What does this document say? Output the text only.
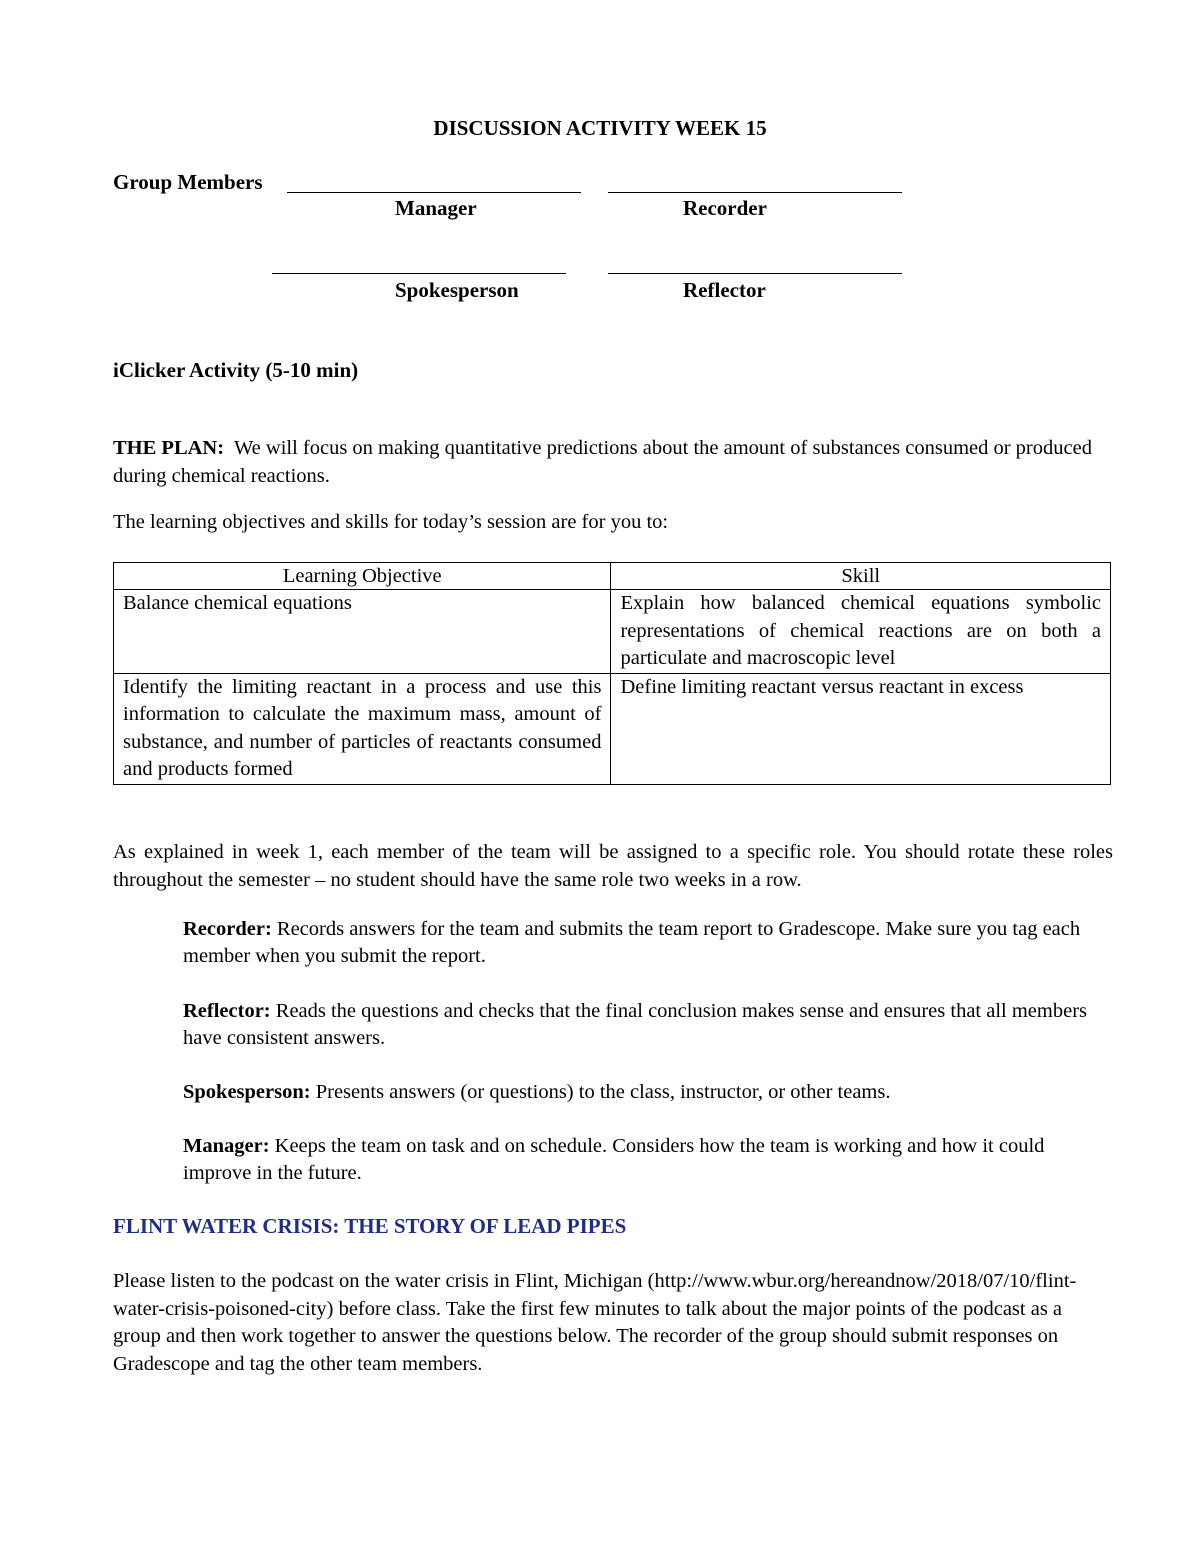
DISCUSSION ACTIVITY WEEK 15
Group Members
Manager	Recorder
Spokesperson	Reflector
iClicker Activity (5-10 min)
THE PLAN: We will focus on making quantitative predictions about the amount of substances consumed or produced during chemical reactions.
The learning objectives and skills for today’s session are for you to:
Learning Objective	Skill
Balance chemical equations	Explain how balanced chemical equations symbolic representations of chemical reactions are on both a particulate and macroscopic level
Identify the limiting reactant in a process and use this information to calculate the maximum mass, amount of substance, and number of particles of reactants consumed and products formed	Define limiting reactant versus reactant in excess
As explained in week 1, each member of the team will be assigned to a specific role. You should rotate these roles throughout the semester – no student should have the same role two weeks in a row.
Recorder: Records answers for the team and submits the team report to Gradescope. Make sure you tag each member when you submit the report.
Reflector: Reads the questions and checks that the final conclusion makes sense and ensures that all members have consistent answers.
Spokesperson: Presents answers (or questions) to the class, instructor, or other teams.
Manager: Keeps the team on task and on schedule. Considers how the team is working and how it could improve in the future.
FLINT WATER CRISIS: THE STORY OF LEAD PIPES
Please listen to the podcast on the water crisis in Flint, Michigan (http://www.wbur.org/hereandnow/2018/07/10/flint-water-crisis-poisoned-city) before class. Take the first few minutes to talk about the major points of the podcast as a group and then work together to answer the questions below. The recorder of the group should submit responses on Gradescope and tag the other team members.
